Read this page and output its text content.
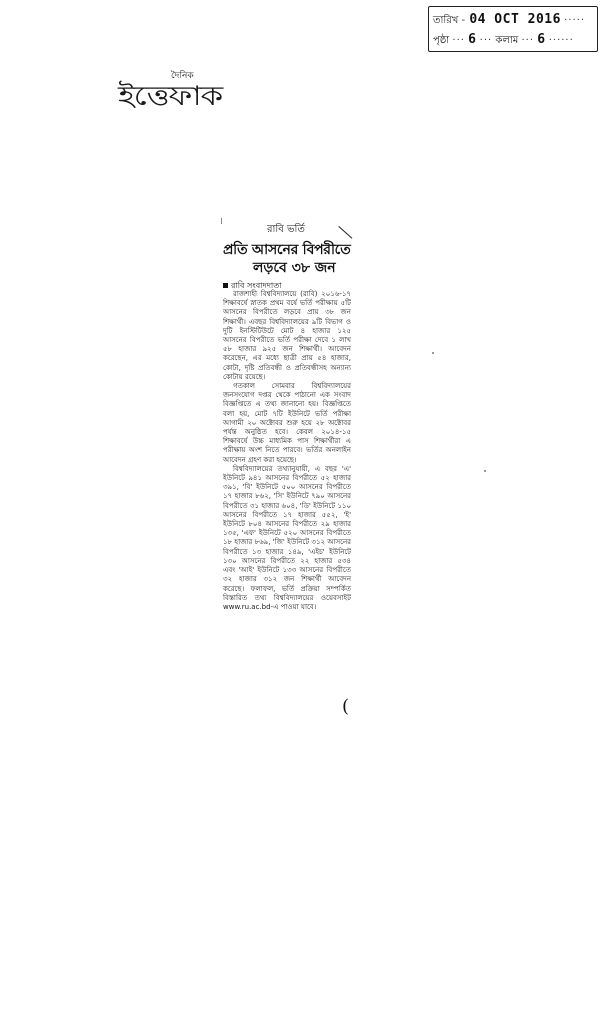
তারিখ - 04 OCT 2016 ·····
পৃষ্ঠা ··· 6 ··· কলাম ··· 6 ······
দৈনিক
ইত্তেফাক
রাবি ভর্তি
প্রতি আসনের বিপরীতে
লড়বে ৩৮ জন
রাবি সংবাদদাতা

রাজশাহী বিশ্ববিদ্যালয়ে (রাবি) ২০১৬-১৭ শিক্ষাবর্ষে স্নাতক প্রথম বর্ষে ভর্তি পরীক্ষায় ৫টি আসনের বিপরীতে লড়বে প্রায় ৩৮ জন শিক্ষার্থী। এবছর বিশ্ববিদ্যালয়ের ৯টি বিভাগ ও দুটি ইনস্টিটিউটে মোট ৪ হাজার ১২৫ আসনের বিপরীতে ভর্তি পরীক্ষা দেবে ১ লাখ ৫৮ হাজার ৯২৫ জন শিক্ষার্থী। আবেদন করেছেন, এর মধ্যে ছাত্রী প্রায় ৫৪ হাজার, কোটা, দৃষ্টি প্রতিবন্ধী ও প্রতিবন্ধীসহ অন্যান্য কোটায় রয়েছে।

গতকাল সোমবার বিশ্ববিদ্যালয়ের জনসংযোগ দপ্তর থেকে পাঠানো এক সংবাদ বিজ্ঞপ্তিতে এ তথ্য জানানো হয়। বিজ্ঞপ্তিতে বলা হয়, মোট ৭টি ইউনিটে ভর্তি পরীক্ষা আগামী ২০ অক্টোবর শুরু হয়ে ২৮ অক্টোবর পর্যন্ত অনুষ্ঠিত হবে। কেবল ২০১৪-১৫ শিক্ষাবর্ষে উচ্চ মাধ্যমিক পাস শিক্ষার্থীরা এ পরীক্ষায় অংশ নিতে পারবে। ভর্তির অনলাইন আবেদন গ্রহণ করা হয়েছে।

বিশ্ববিদ্যালয়ের তথ্যানুযায়ী, এ বছর 'এ' ইউনিটে ৯৪১ আসনের বিপরীতে ৫২ হাজার ৩৯১, 'বি' ইউনিটে ৫০০ আসনের বিপরীতে ১৭ হাজার ৮৬২, 'সি' ইউনিটে ৭৯০ আসনের বিপরীতে ৩১ হাজার ৬০৪, 'ডি' ইউনিটে ১১০ আসনের বিপরীতে ১৭ হাজার ৫৫২, 'ই' ইউনিটে ৮০৪ আসনের বিপরীতে ২৯ হাজার ১৩৫, 'এফ' ইউনিটে ৫২০ আসনের বিপরীতে ১৮ হাজার ৮৬৯, 'জি' ইউনিটে ৩১২ আসনের বিপরীতে ১৩ হাজার ১৪৯, 'এইচ' ইউনিটে ১৩০ আসনের বিপরীতে ২২ হাজার ৫৩৪ এবং 'আই' ইউনিটে ১৩৩ আসনের বিপরীতে ৩২ হাজার ৩১২ জন শিক্ষার্থী আবেদন করেছে। ফলাফল, ভর্তি প্রক্রিয়া সম্পর্কিত বিস্তারিত তথ্য বিশ্ববিদ্যালয়ের ওয়েবসাইট www.ru.ac.bd-এ পাওয়া যাবে।

(
